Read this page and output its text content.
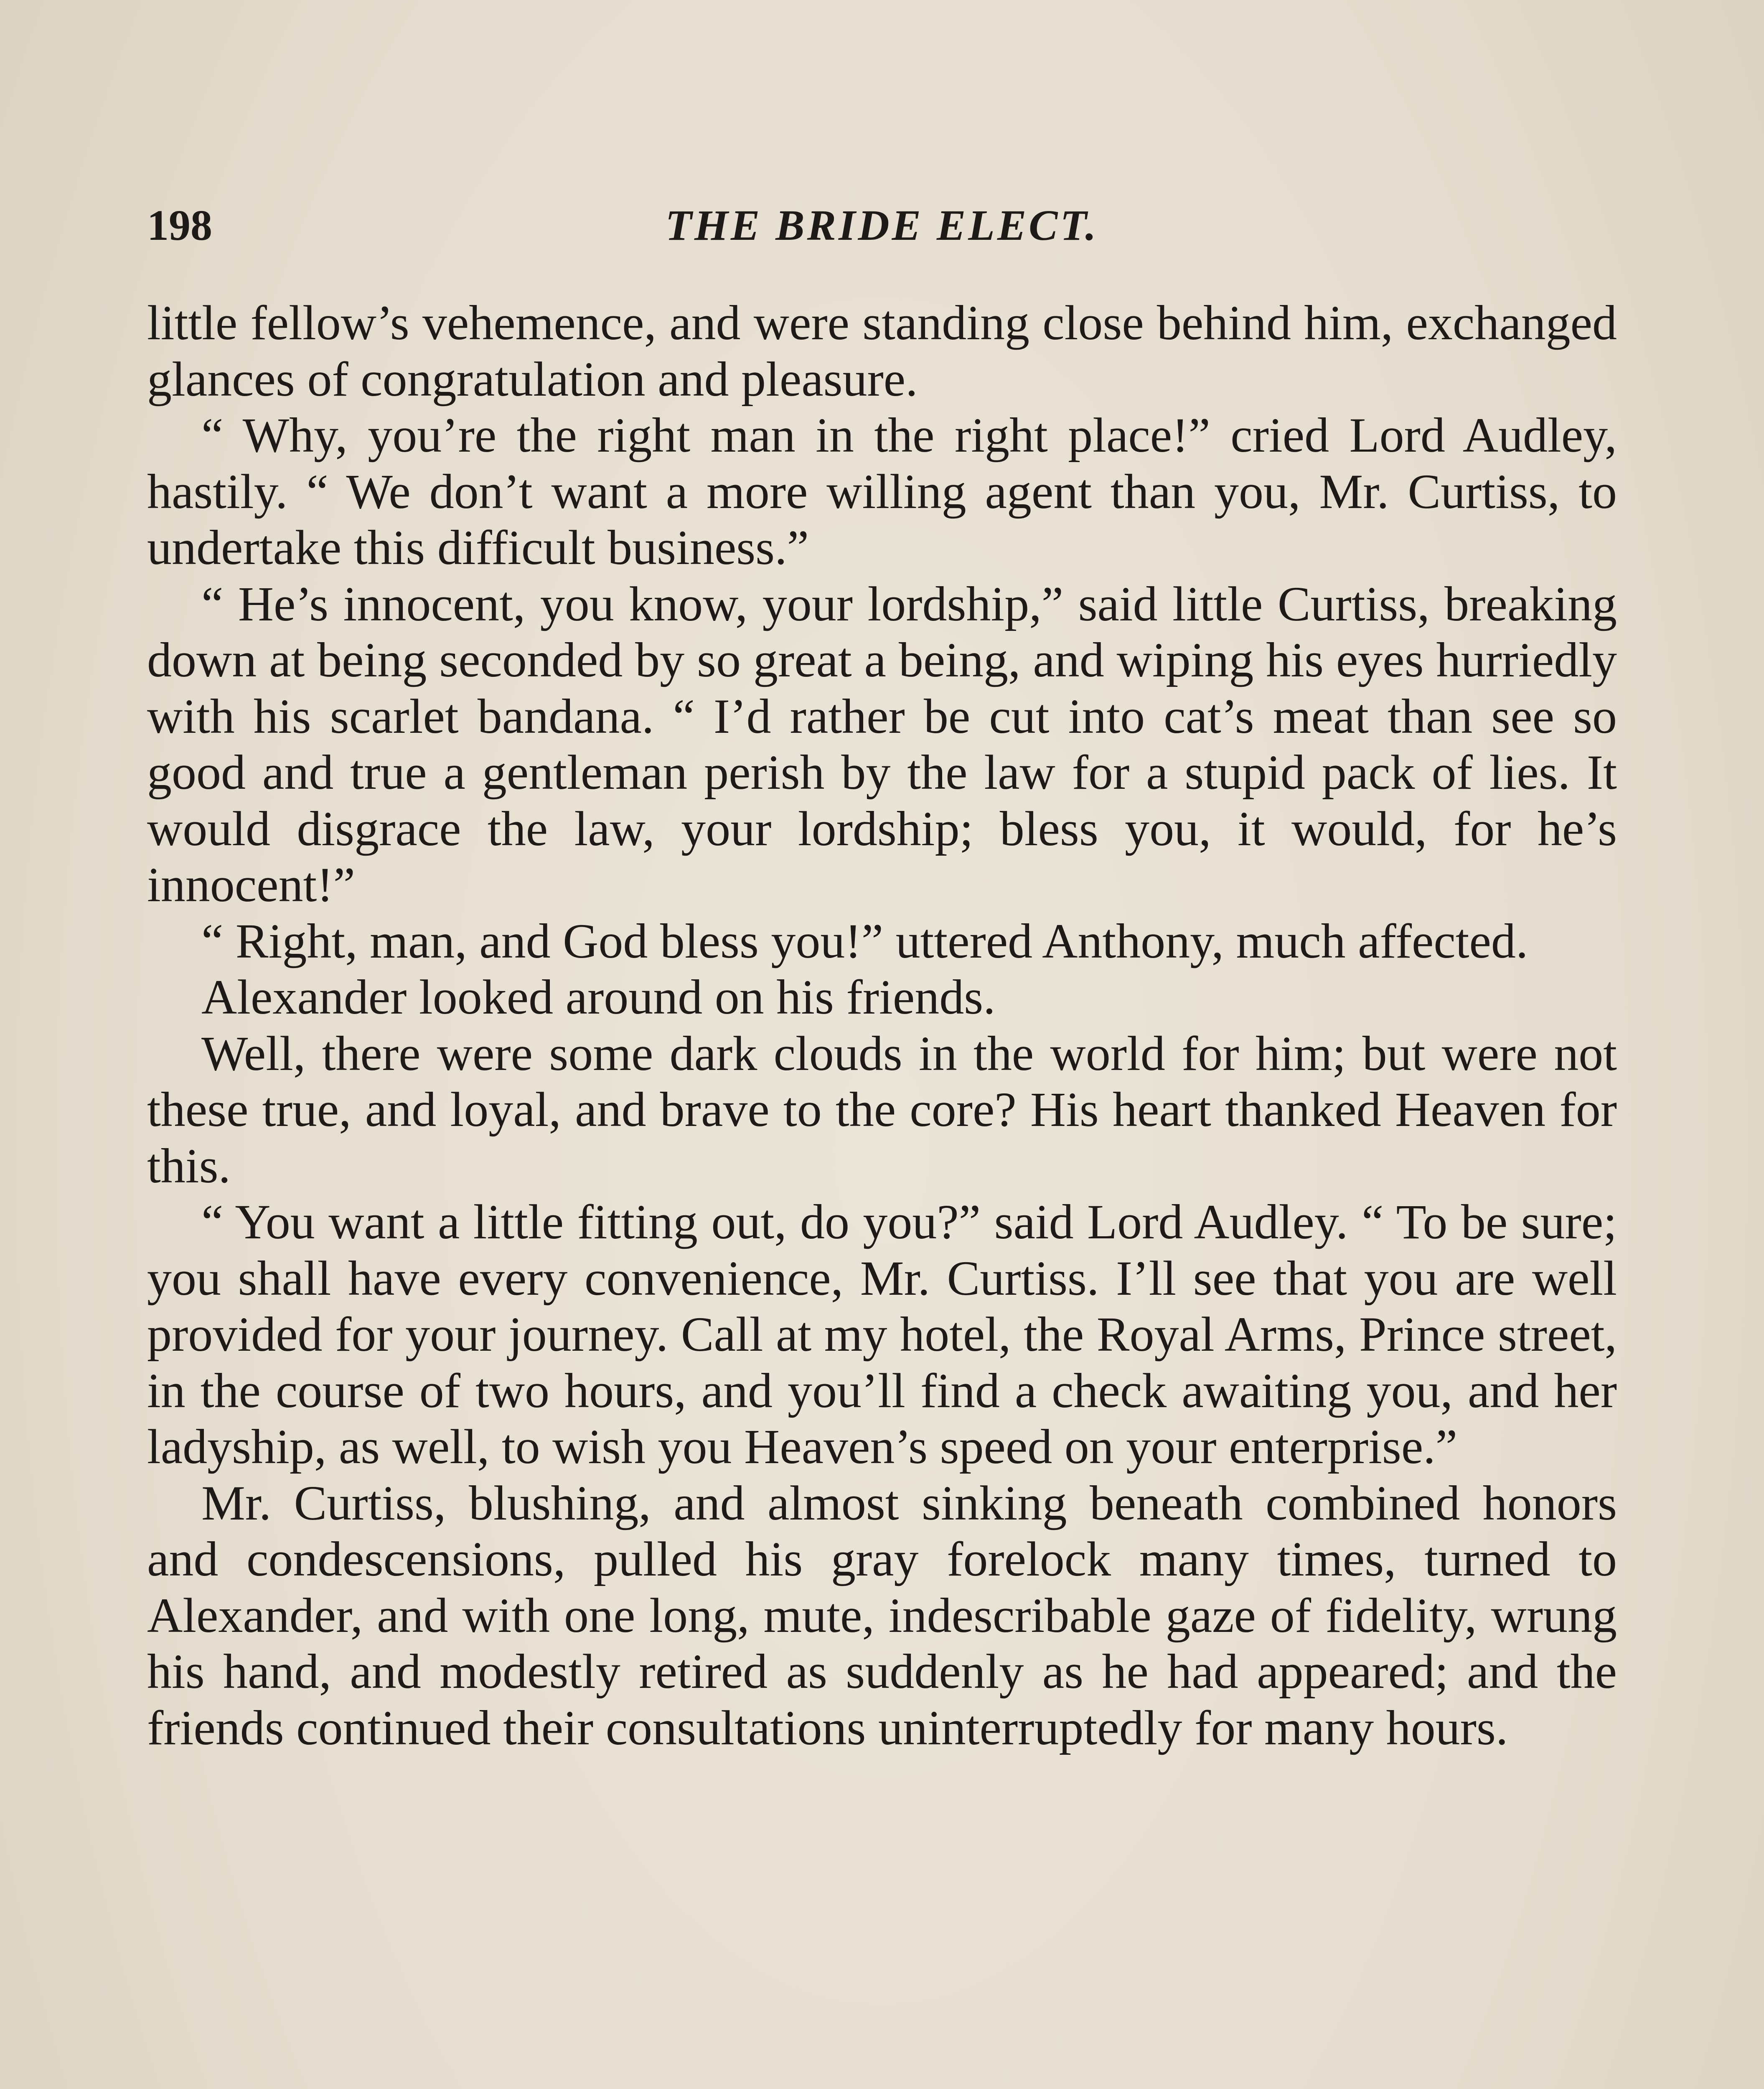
198	THE BRIDE ELECT.

little fellow’s vehemence, and were standing close behind him, exchanged glances of congratulation and pleasure.

“ Why, you’re the right man in the right place!” cried Lord Audley, hastily. “ We don’t want a more willing agent than you, Mr. Curtiss, to undertake this difficult business.”

“ He’s innocent, you know, your lordship,” said little Curtiss, breaking down at being seconded by so great a being, and wiping his eyes hurriedly with his scarlet bandana. “ I’d rather be cut into cat’s meat than see so good and true a gentleman perish by the law for a stupid pack of lies. It would disgrace the law, your lordship; bless you, it would, for he’s innocent!”

“ Right, man, and God bless you!” uttered Anthony, much affected.

Alexander looked around on his friends.

Well, there were some dark clouds in the world for him; but were not these true, and loyal, and brave to the core? His heart thanked Heaven for this.

“ You want a little fitting out, do you?” said Lord Audley. “ To be sure; you shall have every convenience, Mr. Curtiss. I’ll see that you are well provided for your journey. Call at my hotel, the Royal Arms, Prince street, in the course of two hours, and you’ll find a check awaiting you, and her ladyship, as well, to wish you Heaven’s speed on your enterprise.”

Mr. Curtiss, blushing, and almost sinking beneath combined honors and condescensions, pulled his gray forelock many times, turned to Alexander, and with one long, mute, indescribable gaze of fidelity, wrung his hand, and modestly retired as suddenly as he had appeared; and the friends continued their consultations uninterruptedly for many hours.
